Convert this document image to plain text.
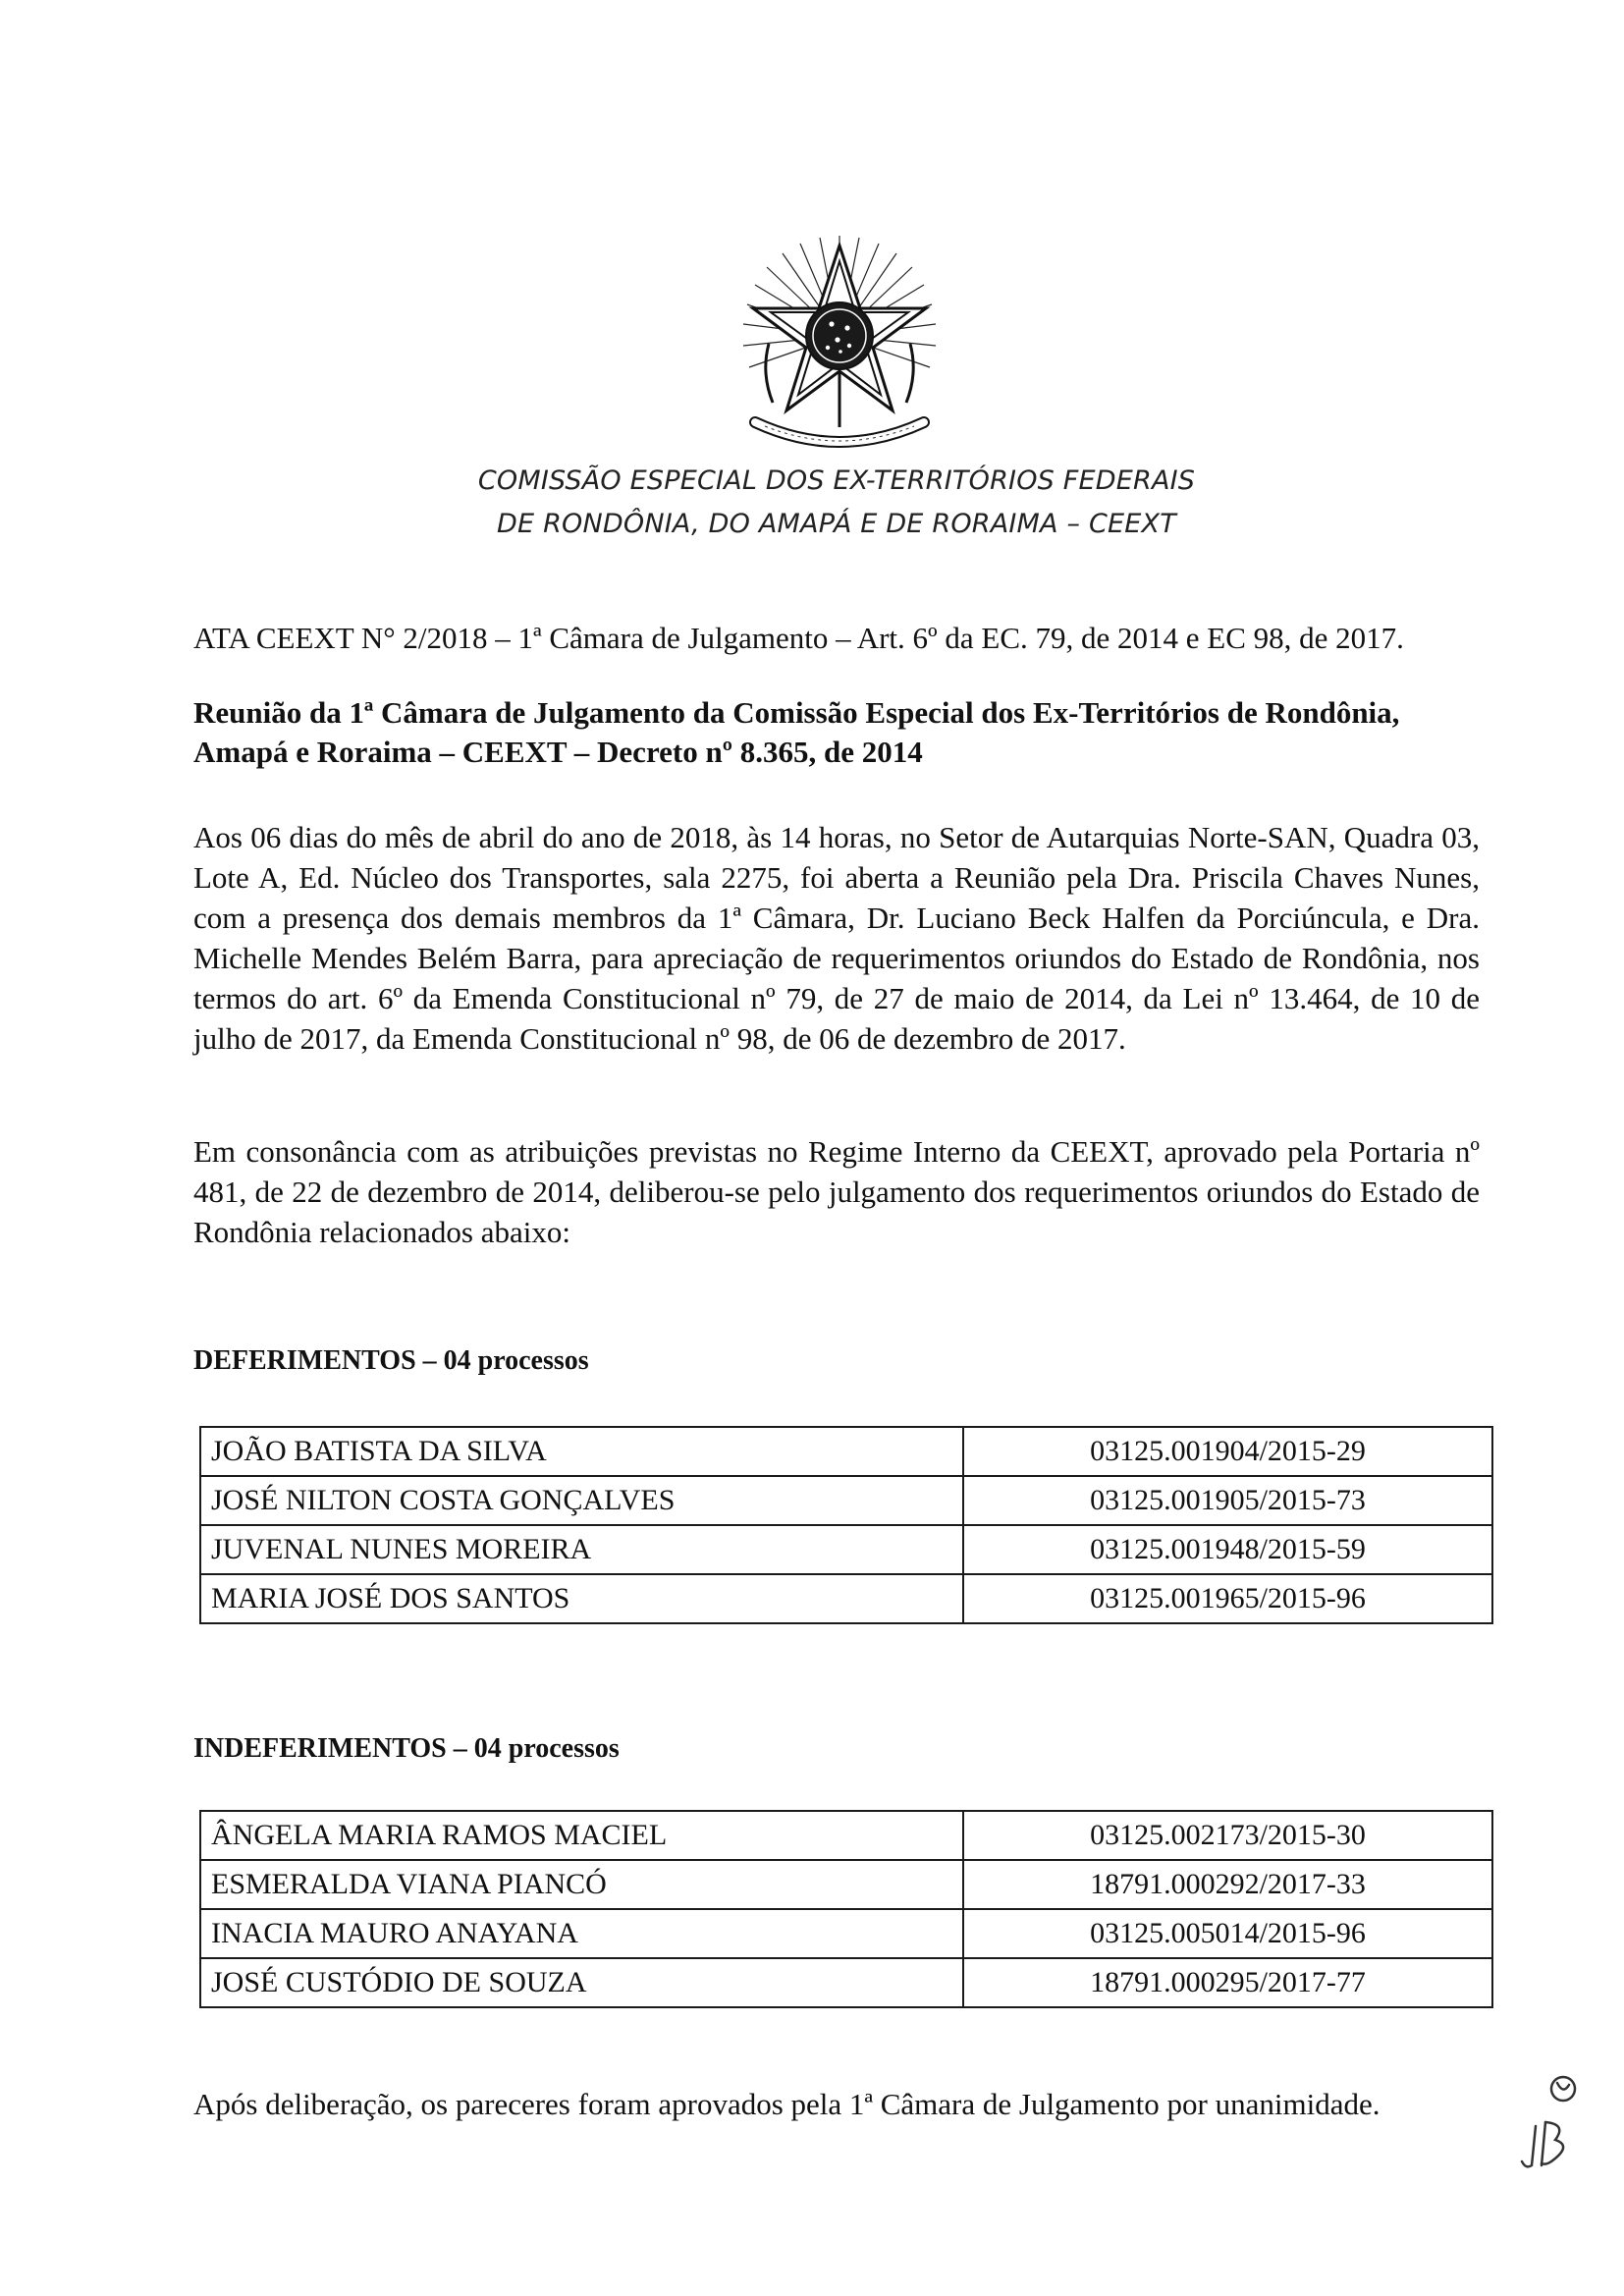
COMISSÃO ESPECIAL DOS EX-TERRITÓRIOS FEDERAIS
DE RONDÔNIA, DO AMAPÁ E DE RORAIMA – CEEXT
ATA CEEXT N° 2/2018 – 1ª Câmara de Julgamento – Art. 6º da EC. 79, de 2014 e EC 98, de 2017.
Reunião da 1ª Câmara de Julgamento da Comissão Especial dos Ex-Territórios de Rondônia, Amapá e Roraima – CEEXT – Decreto nº 8.365, de 2014
Aos 06 dias do mês de abril do ano de 2018, às 14 horas, no Setor de Autarquias Norte-SAN, Quadra 03, Lote A, Ed. Núcleo dos Transportes, sala 2275, foi aberta a Reunião pela Dra. Priscila Chaves Nunes, com a presença dos demais membros da 1ª Câmara, Dr. Luciano Beck Halfen da Porciúncula, e Dra. Michelle Mendes Belém Barra, para apreciação de requerimentos oriundos do Estado de Rondônia, nos termos do art. 6º da Emenda Constitucional nº 79, de 27 de maio de 2014, da Lei nº 13.464, de 10 de julho de 2017, da Emenda Constitucional nº 98, de 06 de dezembro de 2017.
Em consonância com as atribuições previstas no Regime Interno da CEEXT, aprovado pela Portaria nº 481, de 22 de dezembro de 2014, deliberou-se pelo julgamento dos requerimentos oriundos do Estado de Rondônia relacionados abaixo:
DEFERIMENTOS – 04 processos
JOÃO BATISTA DA SILVA	03125.001904/2015-29
JOSÉ NILTON COSTA GONÇALVES	03125.001905/2015-73
JUVENAL NUNES MOREIRA	03125.001948/2015-59
MARIA JOSÉ DOS SANTOS	03125.001965/2015-96
INDEFERIMENTOS – 04 processos
ÂNGELA MARIA RAMOS MACIEL	03125.002173/2015-30
ESMERALDA VIANA PIANCÓ	18791.000292/2017-33
INACIA MAURO ANAYANA	03125.005014/2015-96
JOSÉ CUSTÓDIO DE SOUZA	18791.000295/2017-77
Após deliberação, os pareceres foram aprovados pela 1ª Câmara de Julgamento por unanimidade.
